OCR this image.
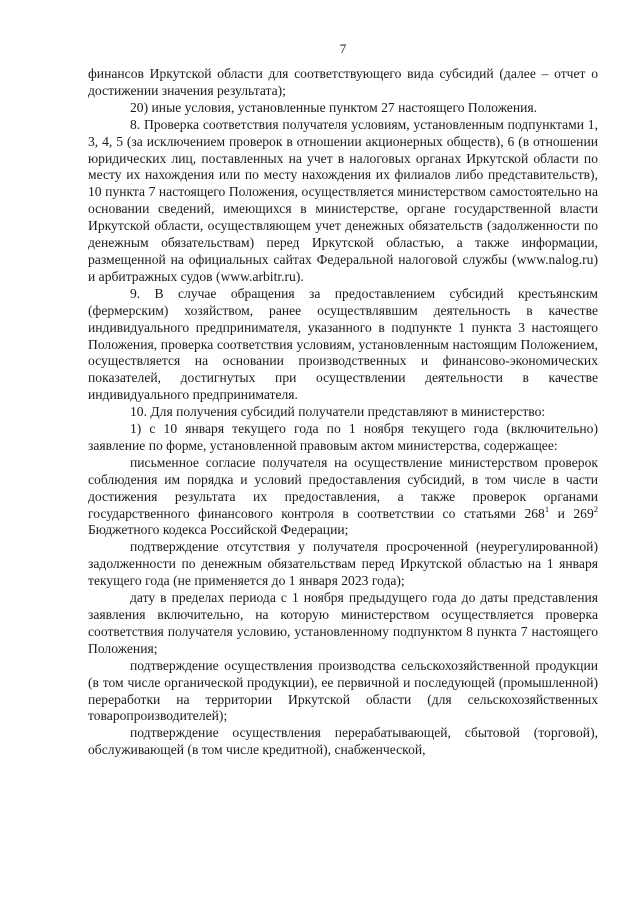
7

финансов Иркутской области для соответствующего вида субсидий (далее – отчет о достижении значения результата);

20) иные условия, установленные пунктом 27 настоящего Положения.

8. Проверка соответствия получателя условиям, установленным подпунктами 1, 3, 4, 5 (за исключением проверок в отношении акционерных обществ), 6 (в отношении юридических лиц, поставленных на учет в налоговых органах Иркутской области по месту их нахождения или по месту нахождения их филиалов либо представительств), 10 пункта 7 настоящего Положения, осуществляется министерством самостоятельно на основании сведений, имеющихся в министерстве, органе государственной власти Иркутской области, осуществляющем учет денежных обязательств (задолженности по денежным обязательствам) перед Иркутской областью, а также информации, размещенной на официальных сайтах Федеральной налоговой службы (www.nalog.ru) и арбитражных судов (www.arbitr.ru).

9. В случае обращения за предоставлением субсидий крестьянским (фермерским) хозяйством, ранее осуществлявшим деятельность в качестве индивидуального предпринимателя, указанного в подпункте 1 пункта 3 настоящего Положения, проверка соответствия условиям, установленным настоящим Положением, осуществляется на основании производственных и финансово-экономических показателей, достигнутых при осуществлении деятельности в качестве индивидуального предпринимателя.

10. Для получения субсидий получатели представляют в министерство:

1) с 10 января текущего года по 1 ноября текущего года (включительно) заявление по форме, установленной правовым актом министерства, содержащее:

письменное согласие получателя на осуществление министерством проверок соблюдения им порядка и условий предоставления субсидий, в том числе в части достижения результата их предоставления, а также проверок органами государственного финансового контроля в соответствии со статьями $268^1$ и $269^2$ Бюджетного кодекса Российской Федерации;

подтверждение отсутствия у получателя просроченной (неурегулированной) задолженности по денежным обязательствам перед Иркутской областью на 1 января текущего года (не применяется до 1 января 2023 года);

дату в пределах периода с 1 ноября предыдущего года до даты представления заявления включительно, на которую министерством осуществляется проверка соответствия получателя условию, установленному подпунктом 8 пункта 7 настоящего Положения;

подтверждение осуществления производства сельскохозяйственной продукции (в том числе органической продукции), ее первичной и последующей (промышленной) переработки на территории Иркутской области (для сельскохозяйственных товаропроизводителей);

подтверждение осуществления перерабатывающей, сбытовой (торговой), обслуживающей (в том числе кредитной), снабженческой,
